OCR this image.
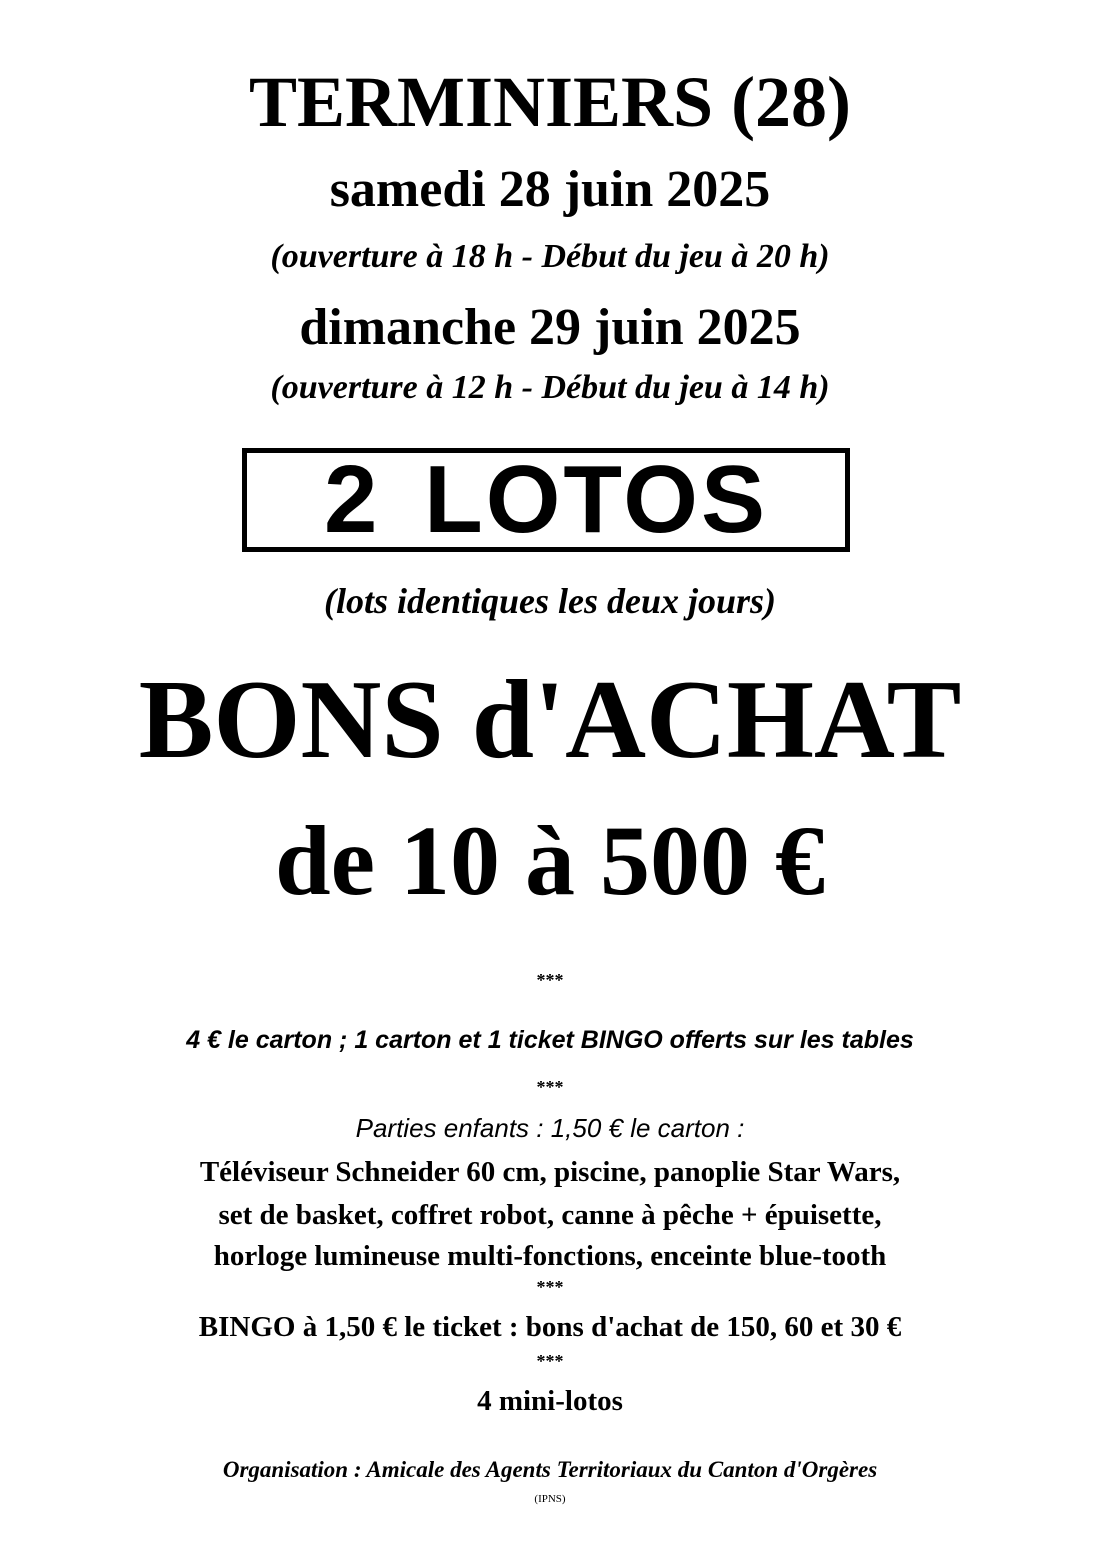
TERMINIERS (28)

samedi 28 juin 2025

(ouverture à 18 h - Début du jeu à 20 h)

dimanche 29 juin 2025

(ouverture à 12 h - Début du jeu à 14 h)

2 LOTOS

(lots identiques les deux jours)

BONS d'ACHAT

de 10 à 500 €

***

4 € le carton ; 1 carton et 1 ticket BINGO offerts sur les tables

***

Parties enfants : 1,50 € le carton :

Téléviseur Schneider 60 cm, piscine, panoplie Star Wars,

set de basket, coffret robot, canne à pêche + épuisette,

horloge lumineuse multi-fonctions, enceinte blue-tooth

***

BINGO à 1,50 € le ticket : bons d'achat de 150, 60 et 30 €

***

4 mini-lotos

Organisation : Amicale des Agents Territoriaux du Canton d'Orgères

(IPNS)
